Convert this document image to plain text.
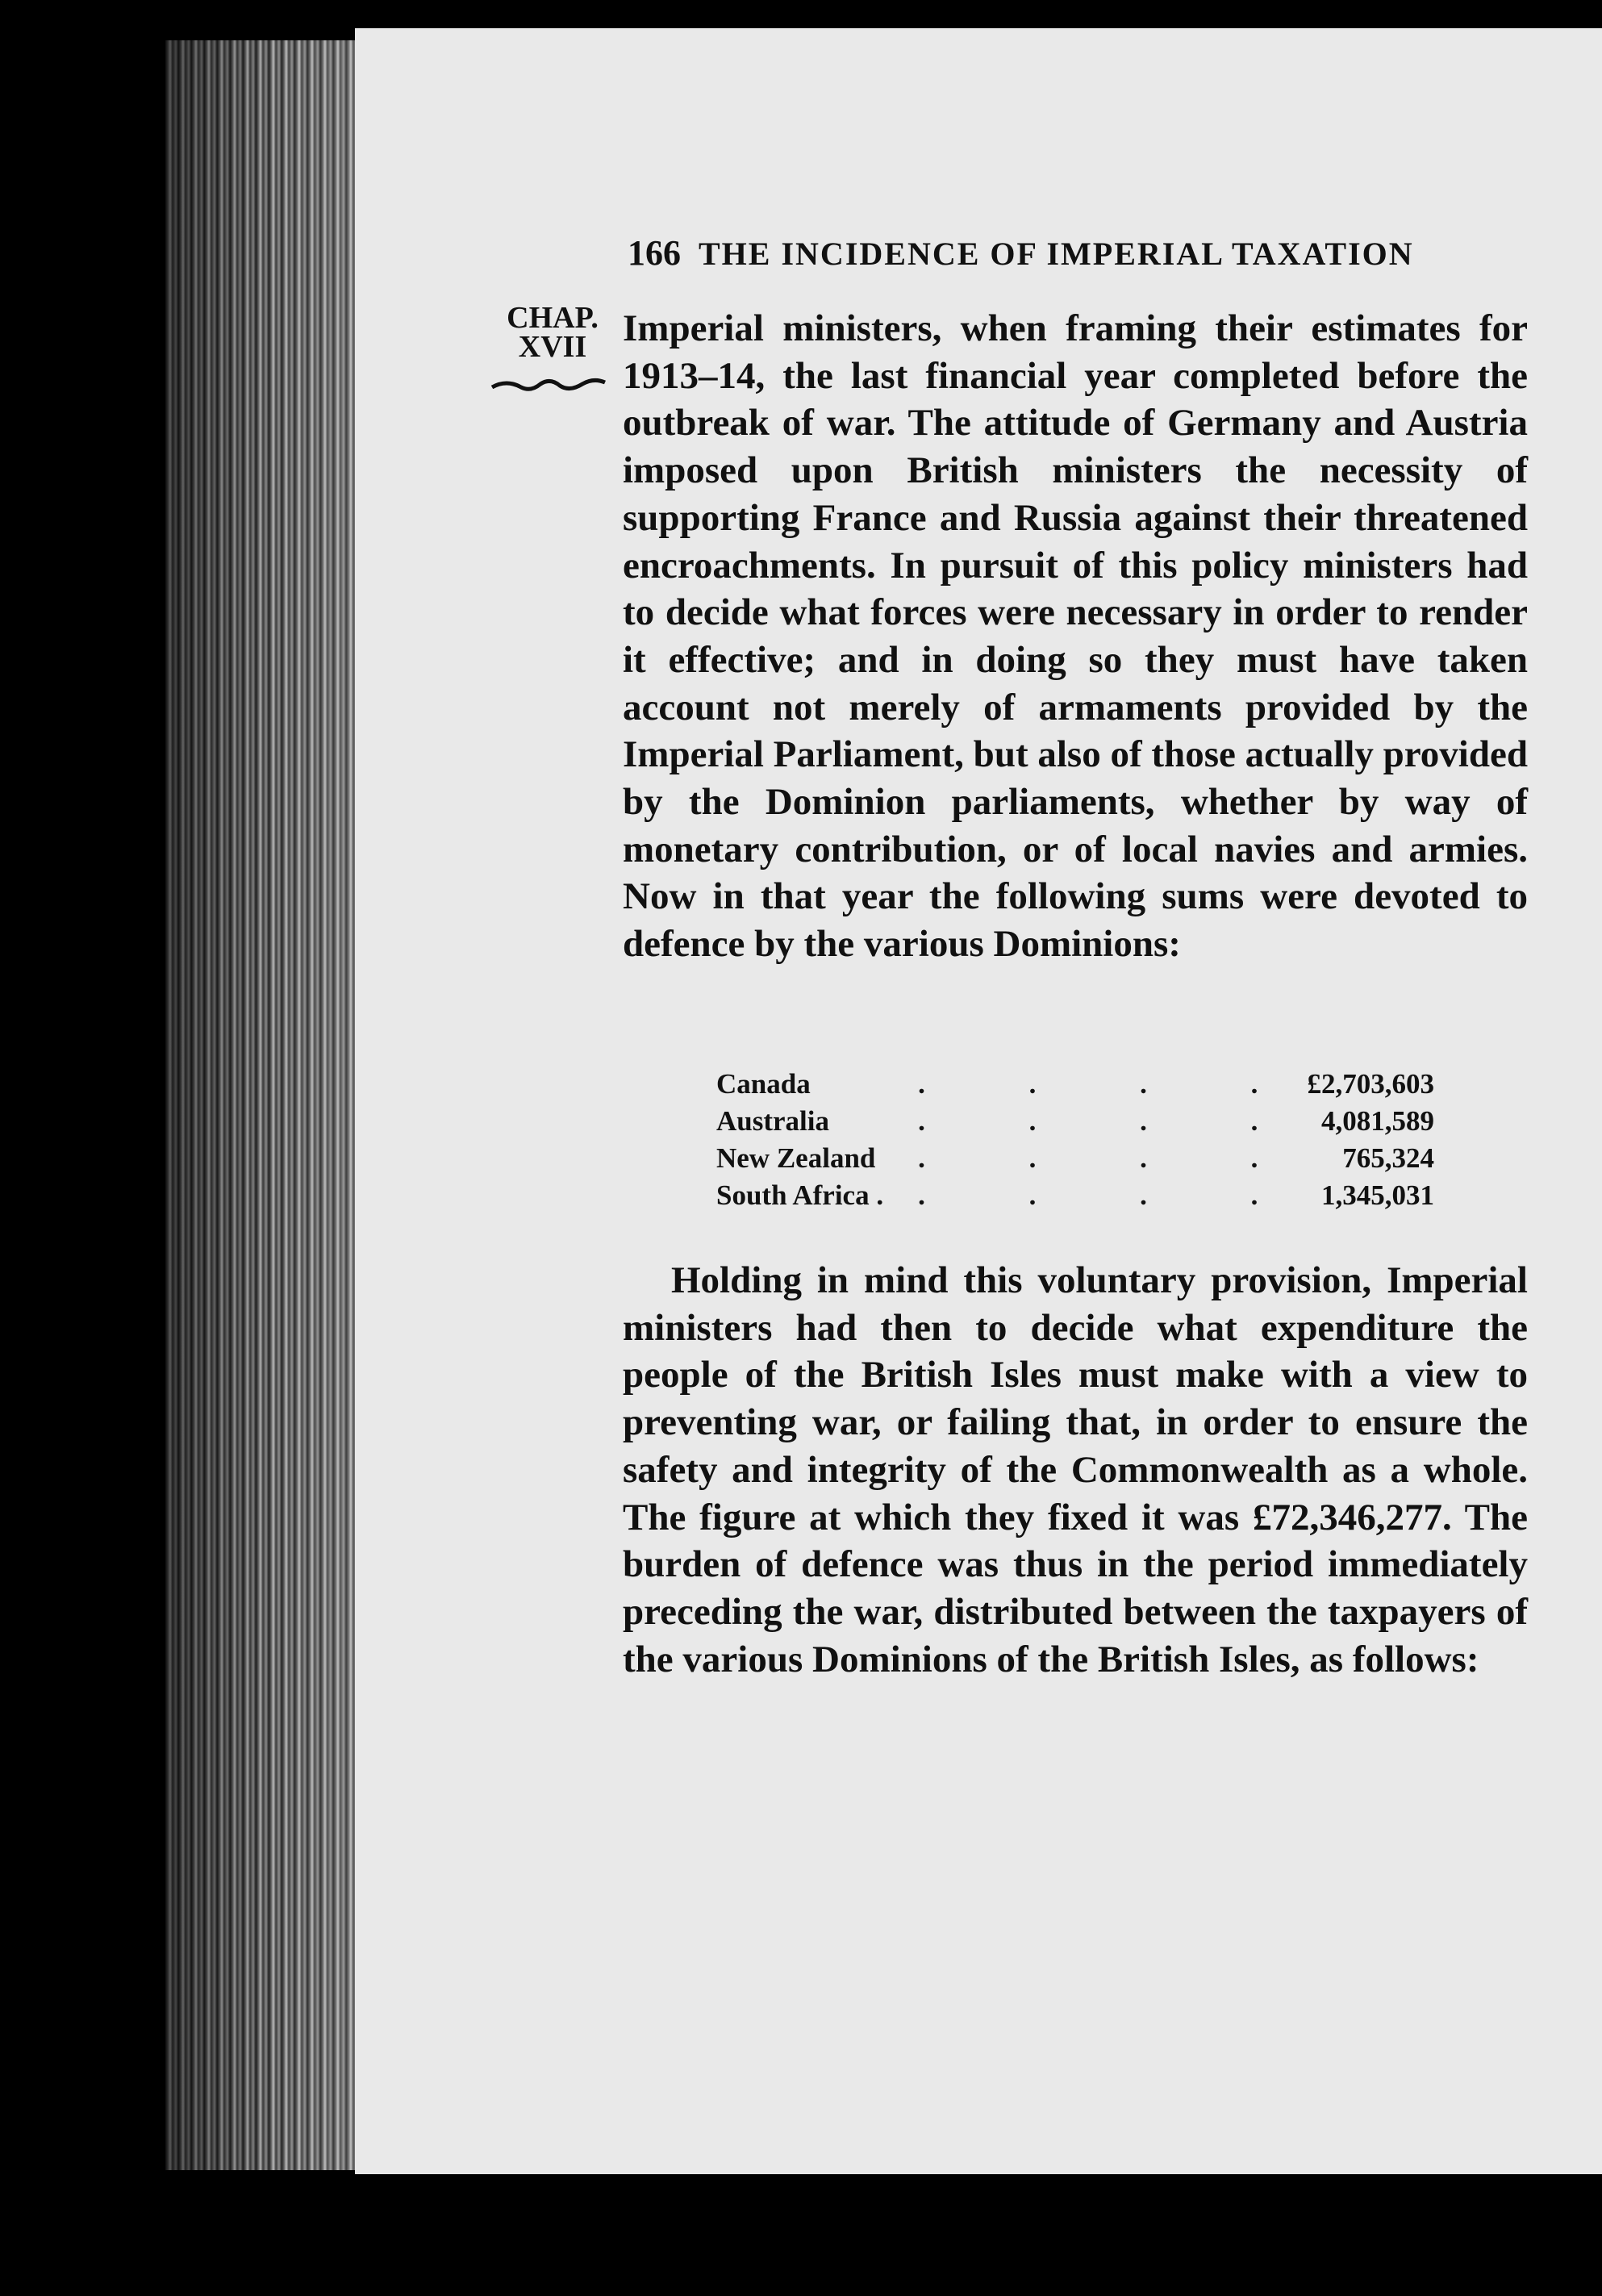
166 THE INCIDENCE OF IMPERIAL TAXATION
CHAP.
XVII Imperial ministers, when framing their estimates for 1913–14, the last financial year completed before the outbreak of war. The attitude of Germany and Austria imposed upon British ministers the necessity of supporting France and Russia against their threatened encroachments. In pursuit of this policy ministers had to decide what forces were necessary in order to render it effective; and in doing so they must have taken account not merely of armaments provided by the Imperial Parliament, but also of those actually provided by the Dominion parliaments, whether by way of monetary contribution, or of local navies and armies. Now in that year the following sums were devoted to defence by the various Dominions:

Canada	. . . . £2,703,603
Australia	. . . . 4,081,589
New Zealand	. . . .	765,324
South Africa .	. . . . 1,345,031

Holding in mind this voluntary provision, Imperial ministers had then to decide what expenditure the people of the British Isles must make with a view to preventing war, or failing that, in order to ensure the safety and integrity of the Commonwealth as a whole. The figure at which they fixed it was £72,346,277. The burden of defence was thus in the period immediately preceding the war, distributed between the taxpayers of the various Dominions of the British Isles, as follows:
